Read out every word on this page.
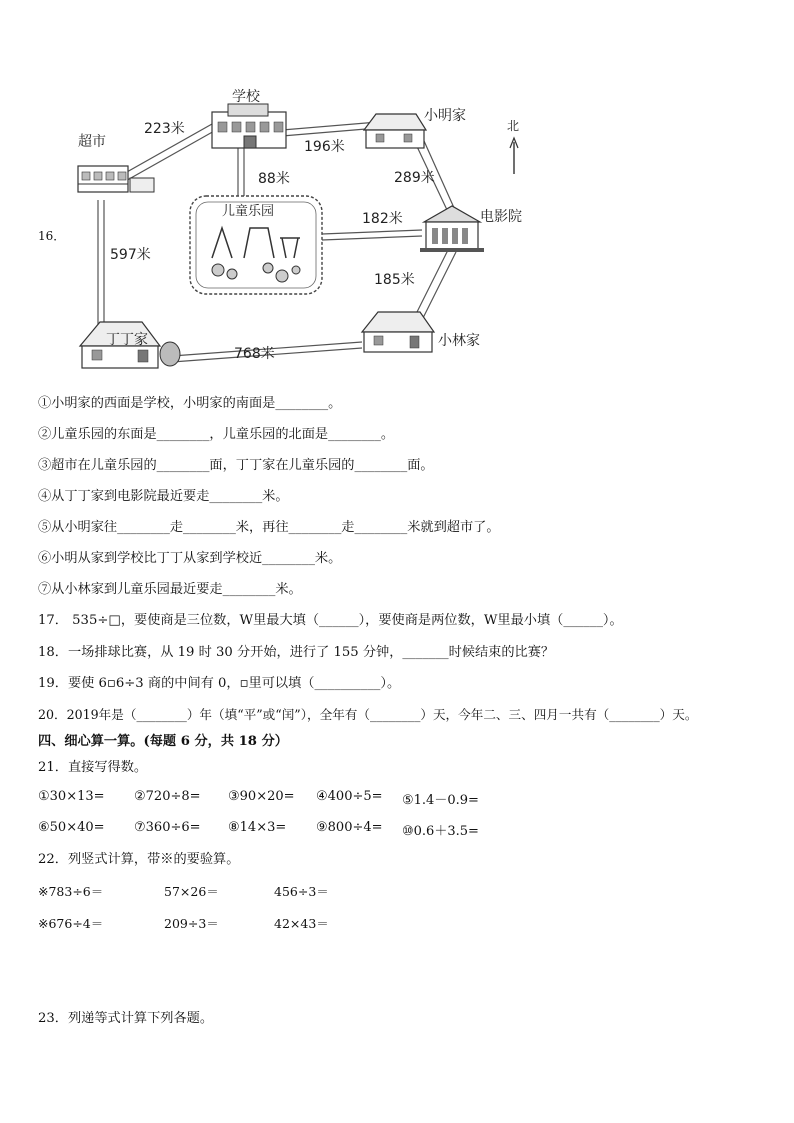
16．
超市
学校
小明家
电影院
儿童乐园
丁丁家	小林家
北
223米
196米
88米	289米
182米
597米
185米
768米
①小明家的西面是学校，小明家的南面是________。
②儿童乐园的东面是________，儿童乐园的北面是________。
③超市在儿童乐园的________面，丁丁家在儿童乐园的________面。
④从丁丁家到电影院最近要走________米。
⑤从小明家往________走________米，再往________走________米就到超市了。
⑥小明从家到学校比丁丁从家到学校近________米。
⑦从小林家到儿童乐园最近要走________米。
17． 535÷□，要使商是三位数，W里最大填（______），要使商是两位数，W里最小填（______）。
18．一场排球比赛，从 19 时 30 分开始，进行了 155 分钟，_______时候结束的比赛？
19．要使 6▫6÷3 商的中间有 0，▫里可以填（__________）。
20．2019年是（________）年（填“平”或“闰”），全年有（________）天，今年二、三、四月一共有（________）天。
四、细心算一算。(每题 6 分，共 18 分）
21．直接写得数。
①30×13= ②720÷8= ③90×20= ④400÷5= ⑤1.4－0.9=
⑥50×40= ⑦360÷6= ⑧14×3= ⑨800÷4= ⑩0.6＋3.5=
22．列竖式计算，带※的要验算。
※783÷6＝	57×26＝	456÷3＝
※676÷4＝	209÷3＝	42×43＝
23．列递等式计算下列各题。
